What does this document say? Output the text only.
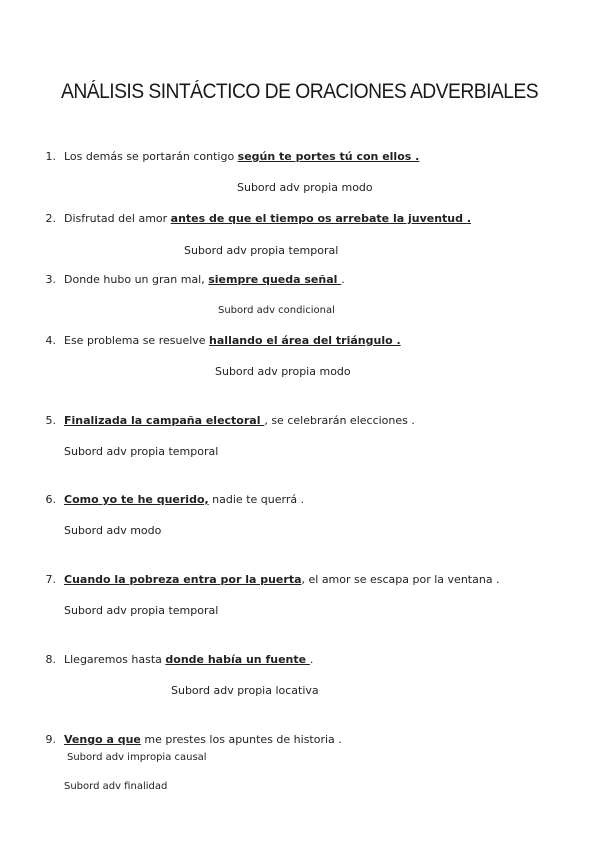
ANÁLISIS SINTÁCTICO DE ORACIONES ADVERBIALES
1. Los demás se portarán contigo según te portes tú con ellos .
Subord adv propia modo
2. Disfrutad del amor antes de que el tiempo os arrebate la juventud .
Subord adv propia temporal
3. Donde hubo un gran mal, siempre queda señal .
Subord adv condicional
4. Ese problema se resuelve hallando el área del triángulo .
Subord adv propia modo
5. Finalizada la campaña electoral , se celebrarán elecciones .
Subord adv propia temporal
6. Como yo te he querido, nadie te querrá .
Subord adv modo
7. Cuando la pobreza entra por la puerta, el amor se escapa por la ventana .
Subord adv propia temporal
8. Llegaremos hasta donde había un fuente .
Subord adv propia locativa
9. Vengo a que me prestes los apuntes de historia .
Subord adv impropia causal
Subord adv finalidad
